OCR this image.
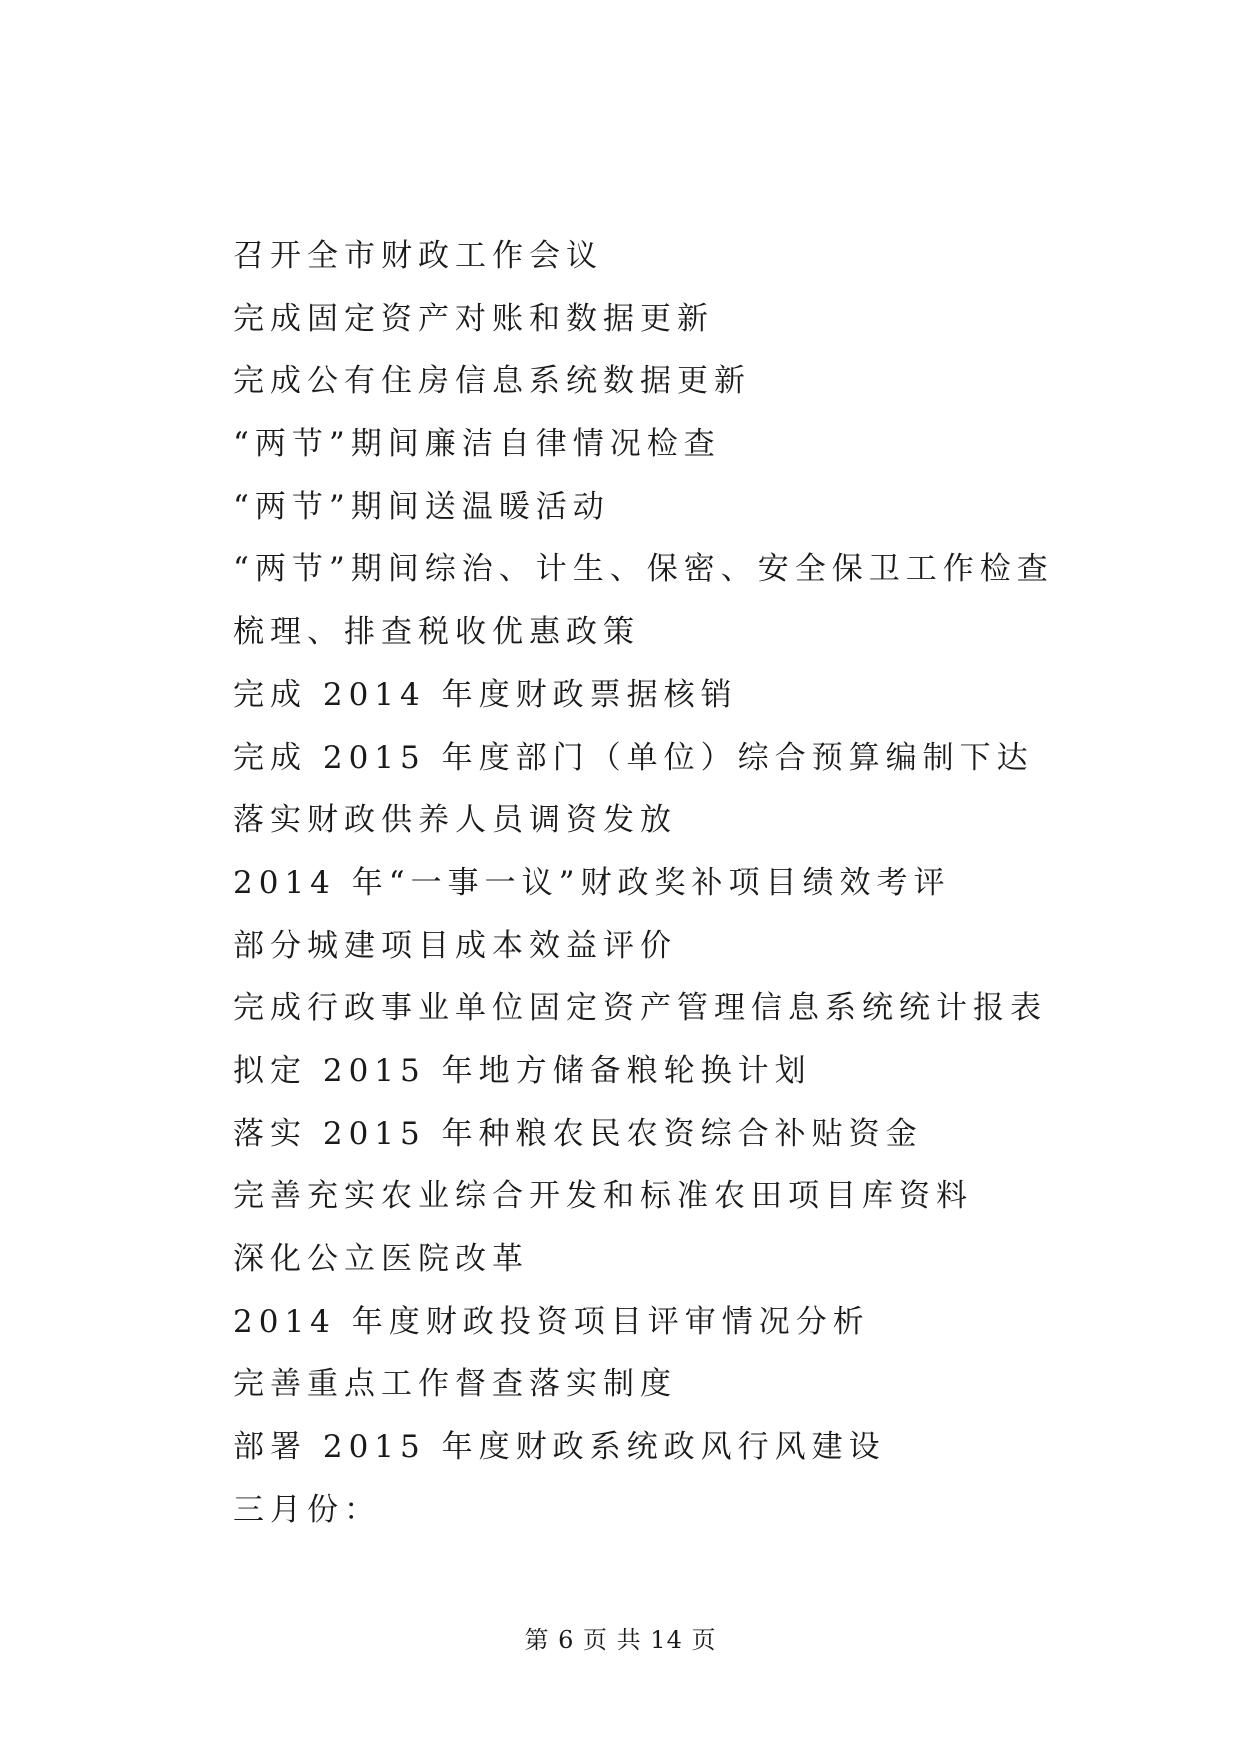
召开全市财政工作会议
完成固定资产对账和数据更新
完成公有住房信息系统数据更新
“两节”期间廉洁自律情况检查
“两节”期间送温暖活动
“两节”期间综治、计生、保密、安全保卫工作检查
梳理、排查税收优惠政策
完成 2014 年度财政票据核销
完成 2015 年度部门（单位）综合预算编制下达
落实财政供养人员调资发放
2014 年“一事一议”财政奖补项目绩效考评
部分城建项目成本效益评价
完成行政事业单位固定资产管理信息系统统计报表
拟定 2015 年地方储备粮轮换计划
落实 2015 年种粮农民农资综合补贴资金
完善充实农业综合开发和标准农田项目库资料
深化公立医院改革
2014 年度财政投资项目评审情况分析
完善重点工作督查落实制度
部署 2015 年度财政系统政风行风建设
三月份：
第 6 页 共 14 页
